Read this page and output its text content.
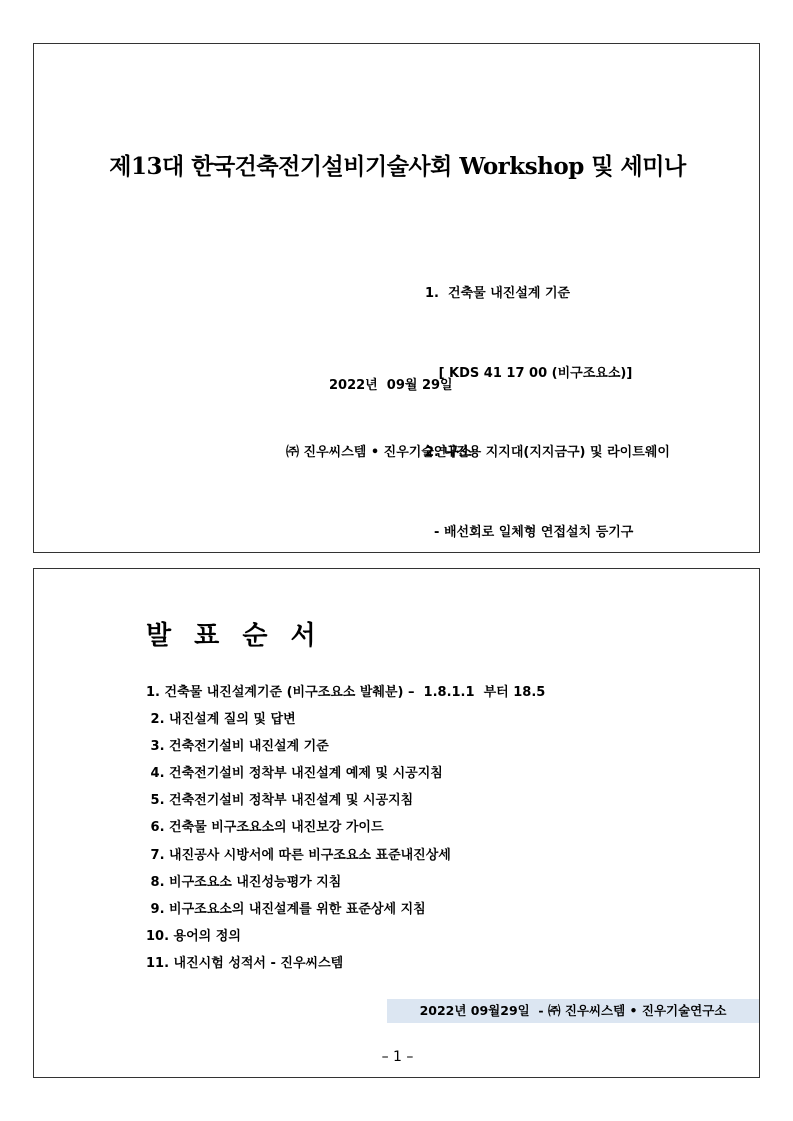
제13대 한국건축전기설비기술사회 Workshop 및 세미나

1.  건축물 내진설계 기준

[ KDS 41 17 00 (비구조요소)]

2. 내진용 지지대(지지금구) 및 라이트웨이

- 배선회로 일체형 연접설치 등기구

2022년  09월 29일
㈜ 진우씨스템 • 진우기술연구소
발 표 순 서
1. 건축물 내진설계기준 (비구조요소 발췌분) –  1.8.1.1  부터 18.5
2. 내진설계 질의 및 답변
3. 건축전기설비 내진설계 기준
4. 건축전기설비 정착부 내진설계 예제 및 시공지침
5. 건축전기설비 정착부 내진설계 및 시공지침
6. 건축물 비구조요소의 내진보강 가이드
7. 내진공사 시방서에 따른 비구조요소 표준내진상세
8. 비구조요소 내진성능평가 지침
9. 비구조요소의 내진설계를 위한 표준상세 지침
10. 용어의 정의
11. 내진시험 성적서 - 진우씨스템
2022년 09월29일  - ㈜ 진우씨스템 • 진우기술연구소
– 1 –
